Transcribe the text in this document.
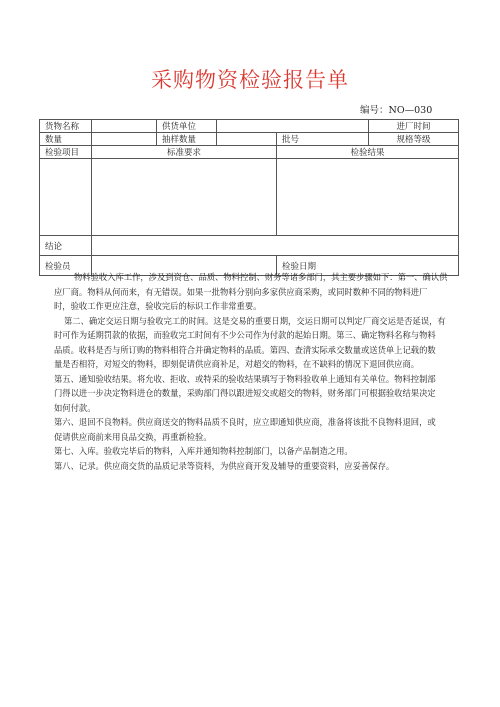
采购物资检验报告单
编号：NO—030
货物名称		供货单位			进厂时间
数量		抽样数量		批号	规格等级
检验项目	标准要求			检验结果	

结论					
检验员				检验日期	
物料验收入库工作，涉及到资仓、品质、物料控制、财务等诸多部门，其主要步骤如下：第一、确认供
应厂商。物料从何而来，有无错误。如果一批物料分别向多家供应商采购，或同时数种不同的物料进厂
时，验收工作更应注意，验收完后的标识工作非常重要。
第二、确定交运日期与验收完工的时间。这是交易的重要日期，交运日期可以判定厂商交运是否延误，有
时可作为延期罚款的依据，而验收完工时间有不少公司作为付款的起始日期。第三、确定物料名称与物料
品质。收料是否与所订购的物料相符合并确定物料的品质。第四、查清实际承交数量或送货单上记载的数
量是否相符，对短交的物料，即刻促请供应商补足，对超交的物料，在不缺料的情况下退回供应商。
第五、通知验收结果。将允收、拒收、或特采的验收结果填写于物料验收单上通知有关单位。物料控制部
门得以进一步决定物料进仓的数量，采购部门得以跟进短交或超交的物料，财务部门可根据验收结果决定
如何付款。
第六、退回不良物料。供应商送交的物料品质不良时，应立即通知供应商，准备将该批不良物料退回，或
促请供应商前来用良品交换，再重新检验。
第七、入库。验收完毕后的物料，入库并通知物料控制部门，以备产品制造之用。
第八、记录。供应商交货的品质记录等资料，为供应商开发及辅导的重要资料，应妥善保存。
